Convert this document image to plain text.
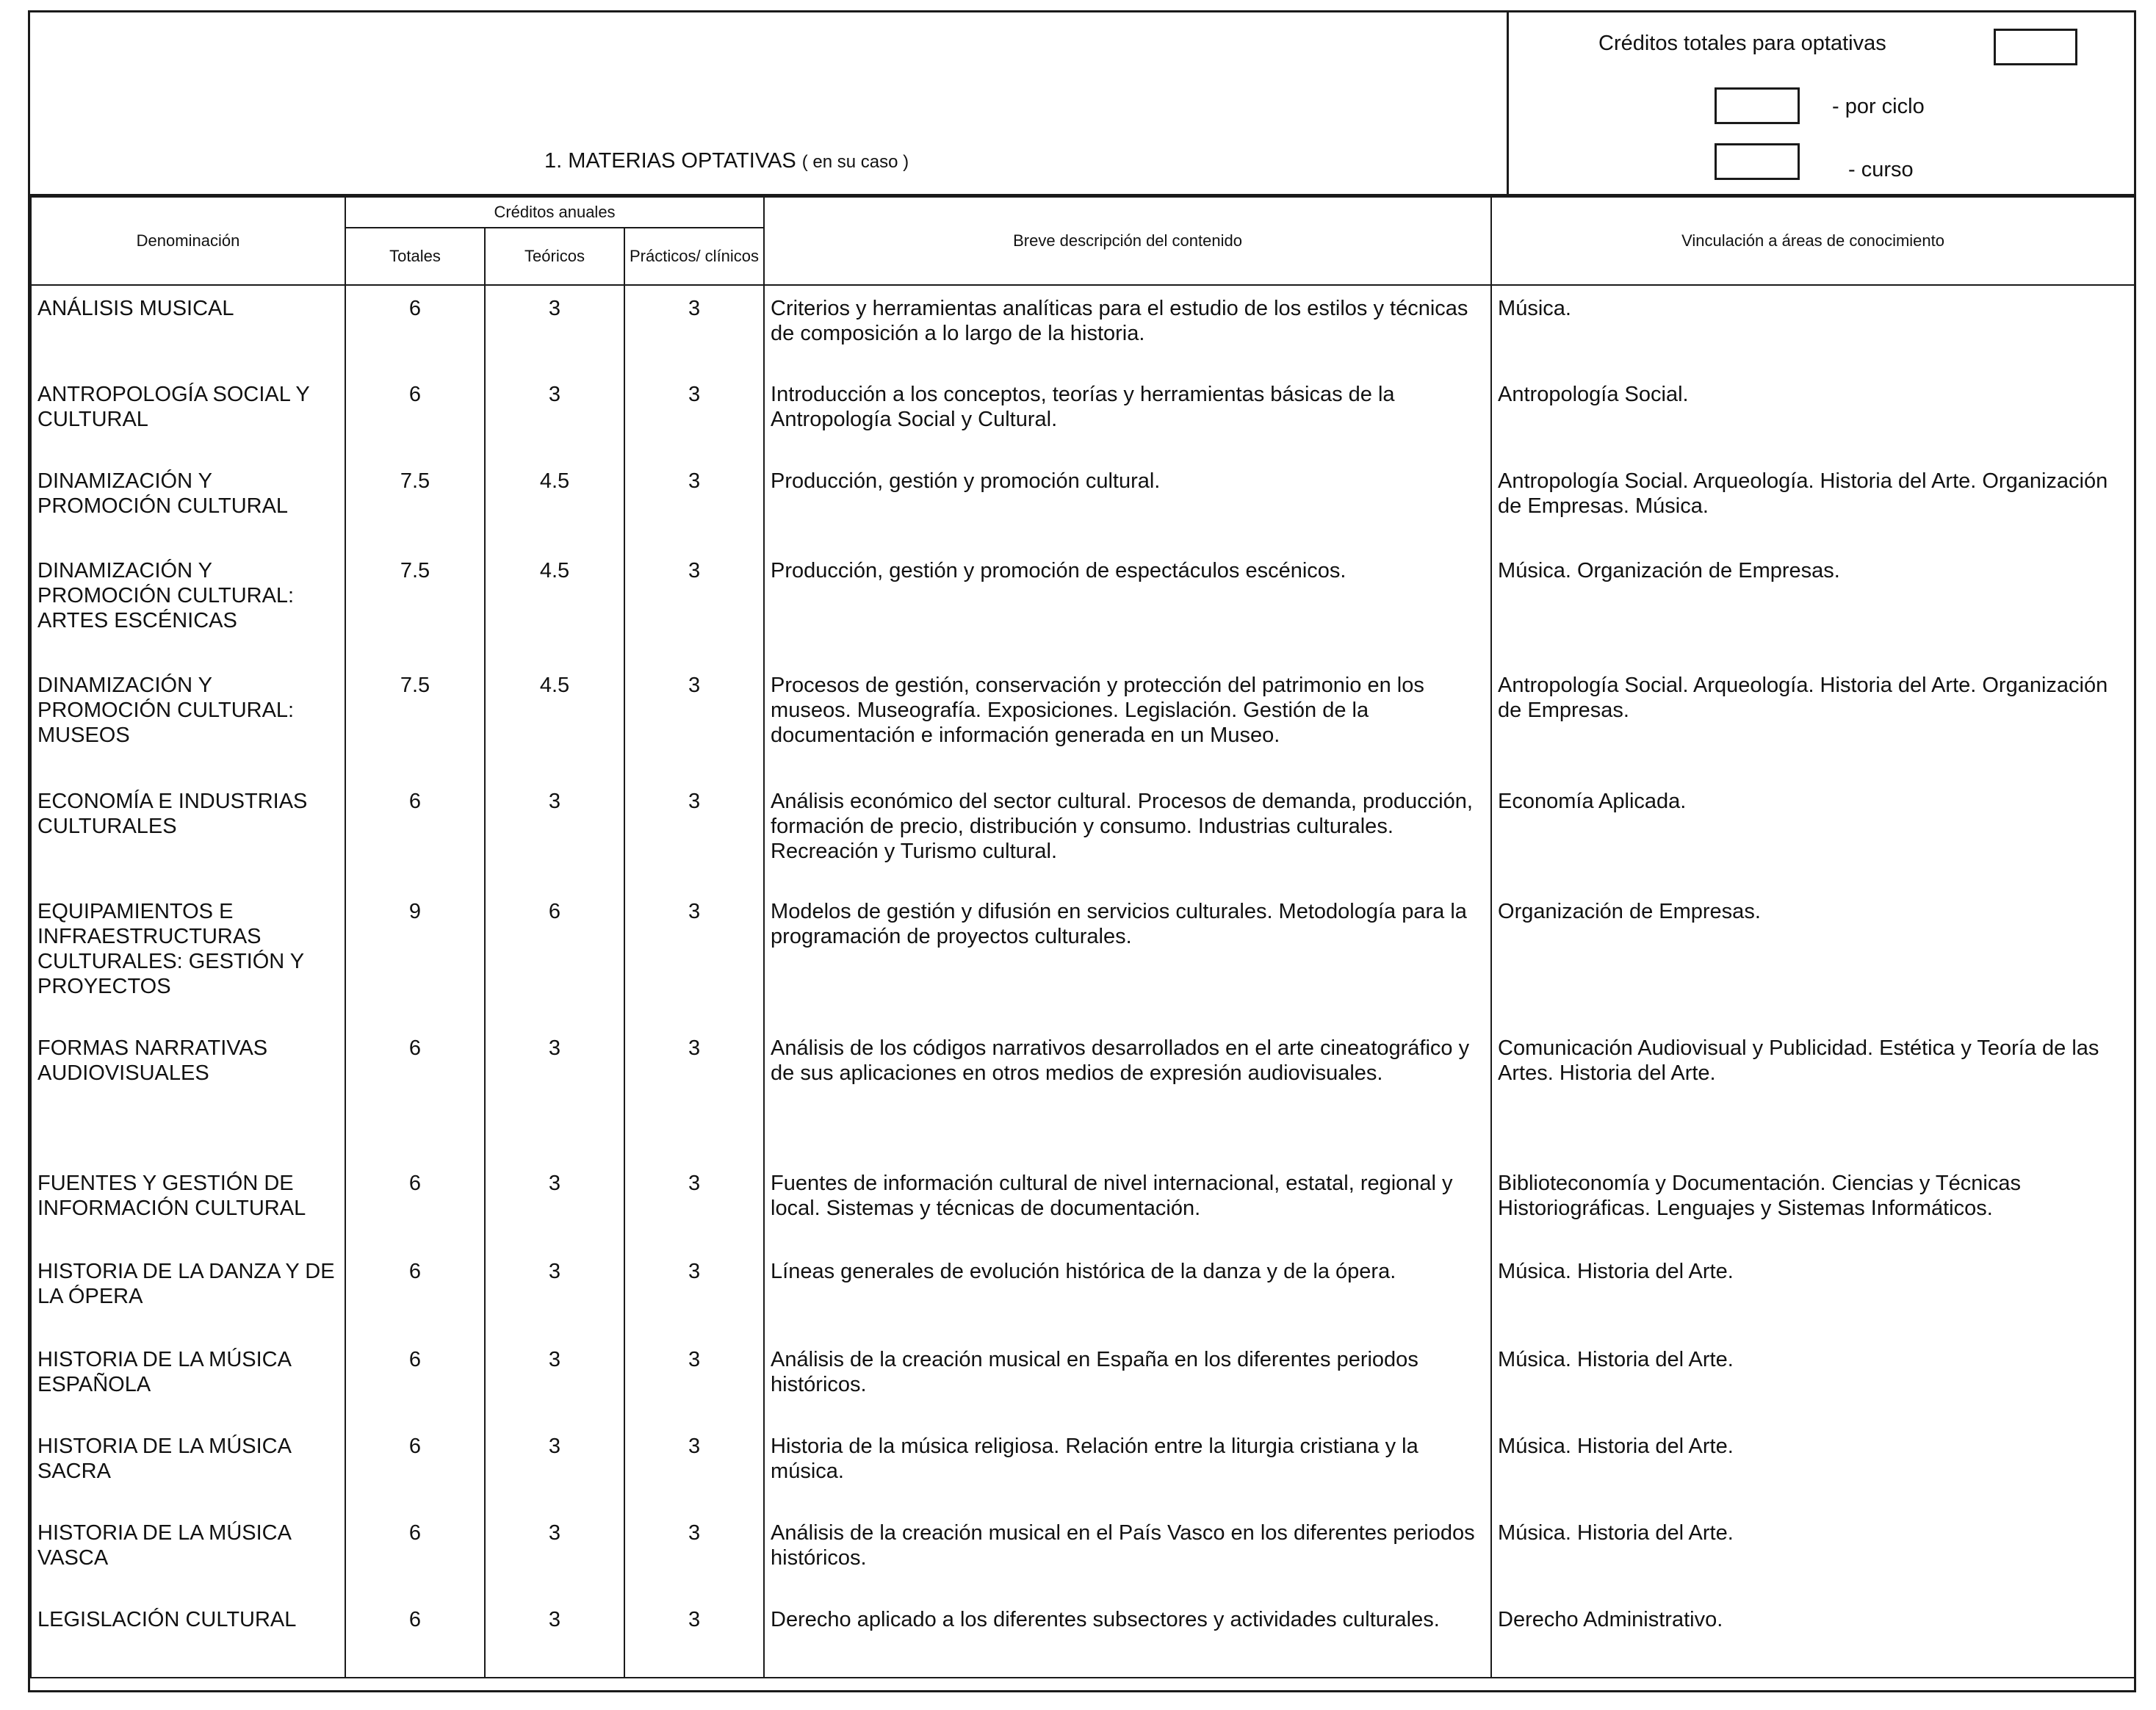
1. MATERIAS OPTATIVAS ( en su caso )
Créditos totales para optativas
- por ciclo
- curso
Denominación	Créditos anuales			Breve descripción del contenido	Vinculación a áreas de conocimiento
	Totales	Teóricos	Prácticos/ clínicos		
ANÁLISIS MUSICAL	6	3	3	Criterios y herramientas analíticas para el estudio de los estilos y técnicas de composición a lo largo de la historia.	Música.
ANTROPOLOGÍA SOCIAL Y CULTURAL	6	3	3	Introducción a los conceptos, teorías y herramientas básicas de la Antropología Social y Cultural.	Antropología Social.
DINAMIZACIÓN Y PROMOCIÓN CULTURAL	7.5	4.5	3	Producción, gestión y promoción cultural.	Antropología Social. Arqueología. Historia del Arte. Organización de Empresas. Música.
DINAMIZACIÓN Y PROMOCIÓN CULTURAL: ARTES ESCÉNICAS	7.5	4.5	3	Producción, gestión y promoción de espectáculos escénicos.	Música. Organización de Empresas.
DINAMIZACIÓN Y PROMOCIÓN CULTURAL: MUSEOS	7.5	4.5	3	Procesos de gestión, conservación y protección del patrimonio en los museos. Museografía. Exposiciones. Legislación. Gestión de la documentación e información generada en un Museo.	Antropología Social. Arqueología. Historia del Arte. Organización de Empresas.
ECONOMÍA E INDUSTRIAS CULTURALES	6	3	3	Análisis económico del sector cultural. Procesos de demanda, producción, formación de precio, distribución y consumo. Industrias culturales. Recreación y Turismo cultural.	Economía Aplicada.
EQUIPAMIENTOS E INFRAESTRUCTURAS CULTURALES: GESTIÓN Y PROYECTOS	9	6	3	Modelos de gestión y difusión en servicios culturales. Metodología para la programación de proyectos culturales.	Organización de Empresas.
FORMAS NARRATIVAS AUDIOVISUALES	6	3	3	Análisis de los códigos narrativos desarrollados en el arte cineatográfico y de sus aplicaciones en otros medios de expresión audiovisuales.	Comunicación Audiovisual y Publicidad. Estética y Teoría de las Artes. Historia del Arte.
FUENTES Y GESTIÓN DE INFORMACIÓN CULTURAL	6	3	3	Fuentes de información cultural de nivel internacional, estatal, regional y local. Sistemas y técnicas de documentación.	Biblioteconomía y Documentación. Ciencias y Técnicas Historiográficas. Lenguajes y Sistemas Informáticos.
HISTORIA DE LA DANZA Y DE LA ÓPERA	6	3	3	Líneas generales de evolución histórica de la danza y de la ópera.	Música. Historia del Arte.
HISTORIA DE LA MÚSICA ESPAÑOLA	6	3	3	Análisis de la creación musical en España en los diferentes periodos históricos.	Música. Historia del Arte.
HISTORIA DE LA MÚSICA SACRA	6	3	3	Historia de la música religiosa. Relación entre la liturgia cristiana y la música.	Música. Historia del Arte.
HISTORIA DE LA MÚSICA VASCA	6	3	3	Análisis de la creación musical en el País Vasco en los diferentes periodos históricos.	Música. Historia del Arte.
LEGISLACIÓN CULTURAL	6	3	3	Derecho aplicado a los diferentes subsectores y actividades culturales.	Derecho Administrativo.
